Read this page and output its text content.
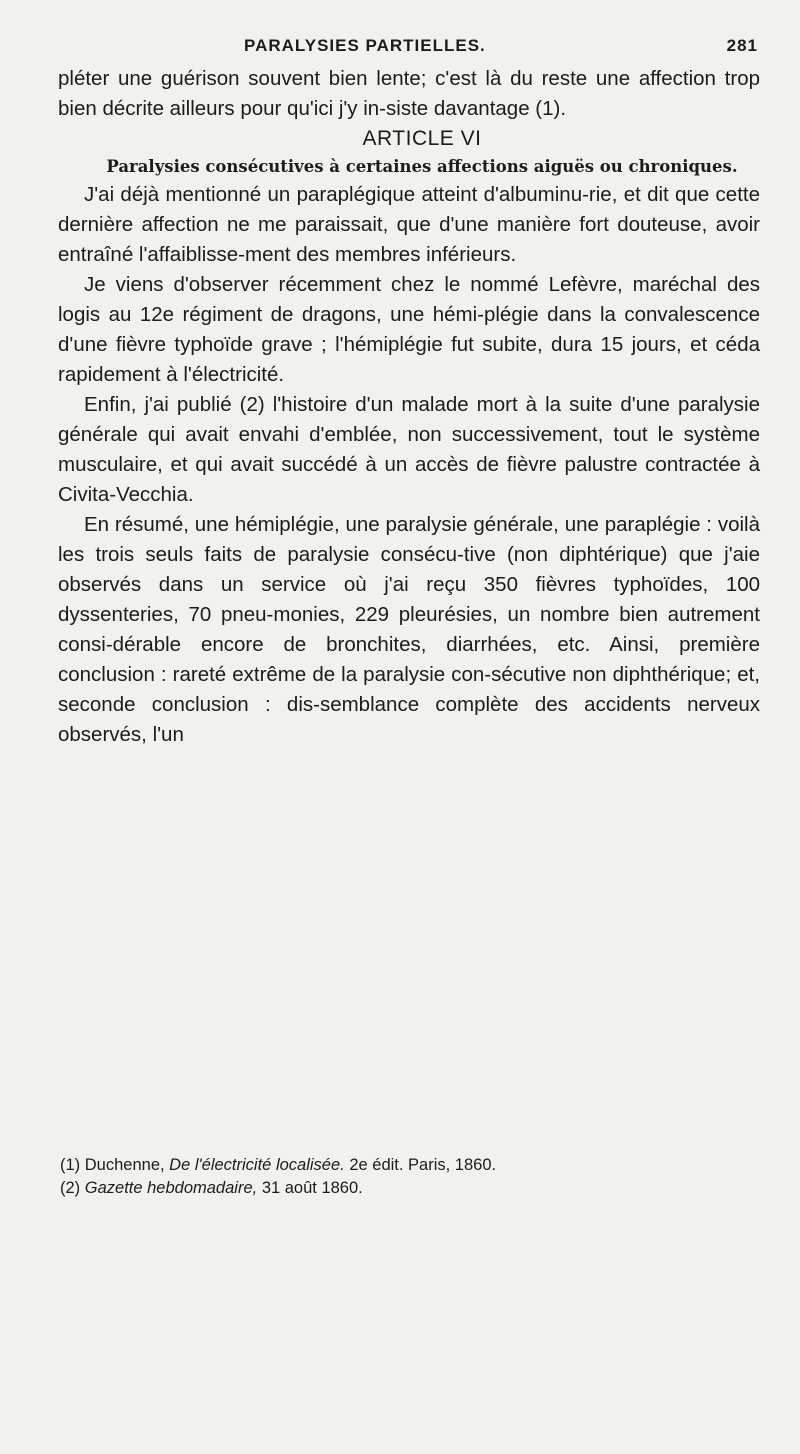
PARALYSIES PARTIELLES.	281

pléter une guérison souvent bien lente; c'est là du reste une affection trop bien décrite ailleurs pour qu'ici j'y in-siste davantage (1).

ARTICLE VI

Paralysies consécutives à certaines affections aiguës ou chroniques.

J'ai déjà mentionné un paraplégique atteint d'albuminu-rie, et dit que cette dernière affection ne me paraissait, que d'une manière fort douteuse, avoir entraîné l'affaiblisse-ment des membres inférieurs.

Je viens d'observer récemment chez le nommé Lefèvre, maréchal des logis au 12e régiment de dragons, une hémi-plégie dans la convalescence d'une fièvre typhoïde grave ; l'hémiplégie fut subite, dura 15 jours, et céda rapidement à l'électricité.

Enfin, j'ai publié (2) l'histoire d'un malade mort à la suite d'une paralysie générale qui avait envahi d'emblée, non successivement, tout le système musculaire, et qui avait succédé à un accès de fièvre palustre contractée à Civita-Vecchia.

En résumé, une hémiplégie, une paralysie générale, une paraplégie : voilà les trois seuls faits de paralysie consécu-tive (non diphtérique) que j'aie observés dans un service où j'ai reçu 350 fièvres typhoïdes, 100 dyssenteries, 70 pneu-monies, 229 pleurésies, un nombre bien autrement consi-dérable encore de bronchites, diarrhées, etc. Ainsi, première conclusion : rareté extrême de la paralysie con-sécutive non diphthérique; et, seconde conclusion : dis-semblance complète des accidents nerveux observés, l'un

(1) Duchenne, De l'électricité localisée. 2e édit. Paris, 1860.
(2) Gazette hebdomadaire, 31 août 1860.
